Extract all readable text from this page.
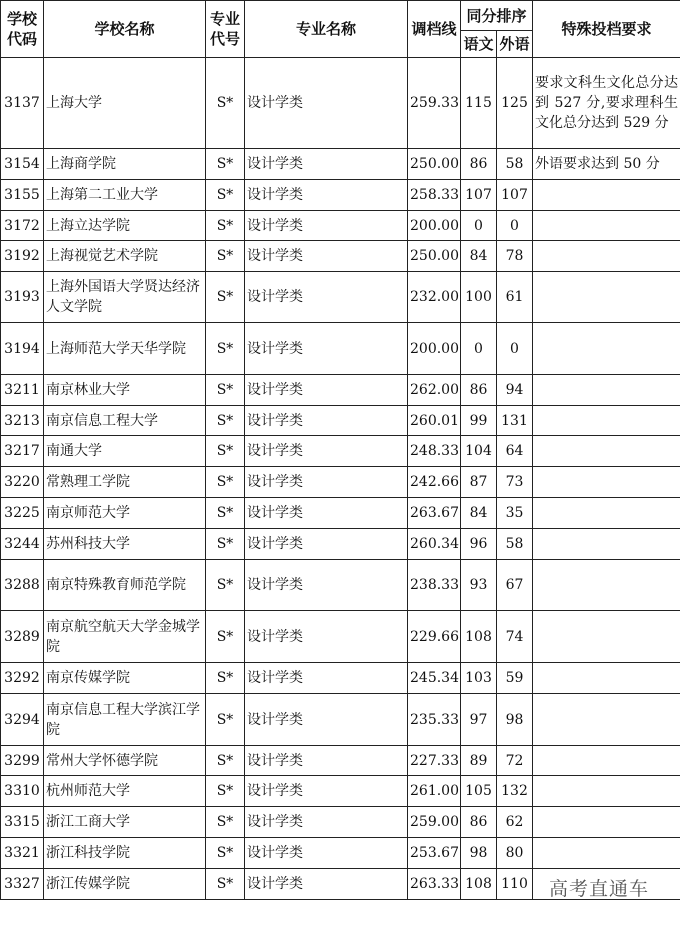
学校
代码	学校名称	专业
代号	专业名称	调档线	同分排序		特殊投档要求
					语文	外语	
3137	上海大学	S*	设计学类	259.33	115	125	要求文科生文化总分达到 527 分,要求理科生文化总分达到 529 分
3154	上海商学院	S*	设计学类	250.00	86	58	外语要求达到 50 分
3155	上海第二工业大学	S*	设计学类	258.33	107	107	
3172	上海立达学院	S*	设计学类	200.00	0	0	
3192	上海视觉艺术学院	S*	设计学类	250.00	84	78	
3193	上海外国语大学贤达经济人文学院	S*	设计学类	232.00	100	61	
3194	上海师范大学天华学院	S*	设计学类	200.00	0	0	
3211	南京林业大学	S*	设计学类	262.00	86	94	
3213	南京信息工程大学	S*	设计学类	260.01	99	131	
3217	南通大学	S*	设计学类	248.33	104	64	
3220	常熟理工学院	S*	设计学类	242.66	87	73	
3225	南京师范大学	S*	设计学类	263.67	84	35	
3244	苏州科技大学	S*	设计学类	260.34	96	58	
3288	南京特殊教育师范学院	S*	设计学类	238.33	93	67	
3289	南京航空航天大学金城学院	S*	设计学类	229.66	108	74	
3292	南京传媒学院	S*	设计学类	245.34	103	59	
3294	南京信息工程大学滨江学院	S*	设计学类	235.33	97	98	
3299	常州大学怀德学院	S*	设计学类	227.33	89	72	
3310	杭州师范大学	S*	设计学类	261.00	105	132	
3315	浙江工商大学	S*	设计学类	259.00	86	62	
3321	浙江科技学院	S*	设计学类	253.67	98	80	
3327	浙江传媒学院	S*	设计学类	263.33	108	110	高考直通车
